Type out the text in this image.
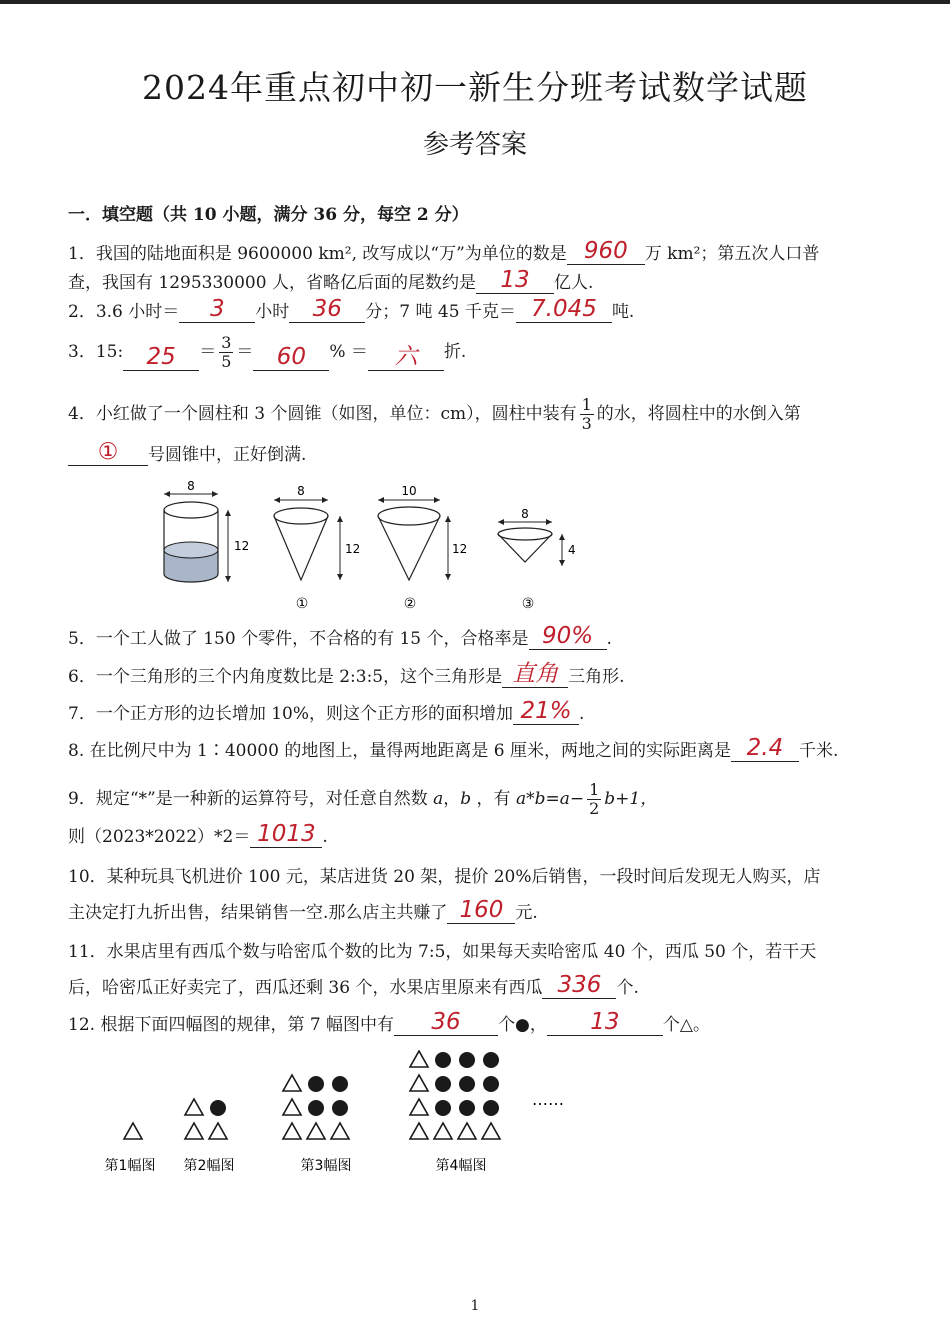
2024年重点初中初一新生分班考试数学试题
参考答案
一．填空题（共 10 小题，满分 36 分，每空 2 分）
1．我国的陆地面积是 9600000 km², 改写成以“万”为单位的数是 960	万 km²；第五次人口普
查，我国有 1295330000 人，省略亿后面的尾数约是	13	亿人.
2．3.6 小时＝	3	小时	36	分；7 吨 45 千克＝ 7.045 吨.
3．15:	25	＝ $\frac{3}{5}$ ＝	60	% ＝	六	折.
4．小红做了一个圆柱和 3 个圆锥（如图，单位：cm），圆柱中装有 $\frac{1}{3}$ 的水，将圆柱中的水倒入第
①	号圆锥中，正好倒满.
8
12
8
12
①
10
12
②
8
4
③
5．一个工人做了 150 个零件，不合格的有 15 个，合格率是 90% .
6．一个三角形的三个内角度数比是 2:3:5，这个三角形是 直角 三角形.
7．一个正方形的边长增加 10%，则这个正方形的面积增加 21% .
8. 在比例尺中为 1∶40000 的地图上，量得两地距离是 6 厘米，两地之间的实际距离是 2.4 千米.
9．规定“*”是一种新的运算符号，对任意自然数 a，b ，有 $a*b=a- \frac{1}{2} b+1$，
则（2023*2022）*2＝ 1013 .
10．某种玩具飞机进价 100 元，某店进货 20 架，提价 20%后销售，一段时间后发现无人购买，店
主决定打九折出售，结果销售一空.那么店主共赚了 160 元.
11．水果店里有西瓜个数与哈密瓜个数的比为 7:5，如果每天卖哈密瓜 40 个，西瓜 50 个，若干天
后，哈密瓜正好卖完了，西瓜还剩 36 个，水果店里原来有西瓜 336 个.
12. 根据下面四幅图的规律，第 7 幅图中有	36	个●，	13	个△。
第1幅图 第2幅图	第3幅图	第4幅图
……
1
